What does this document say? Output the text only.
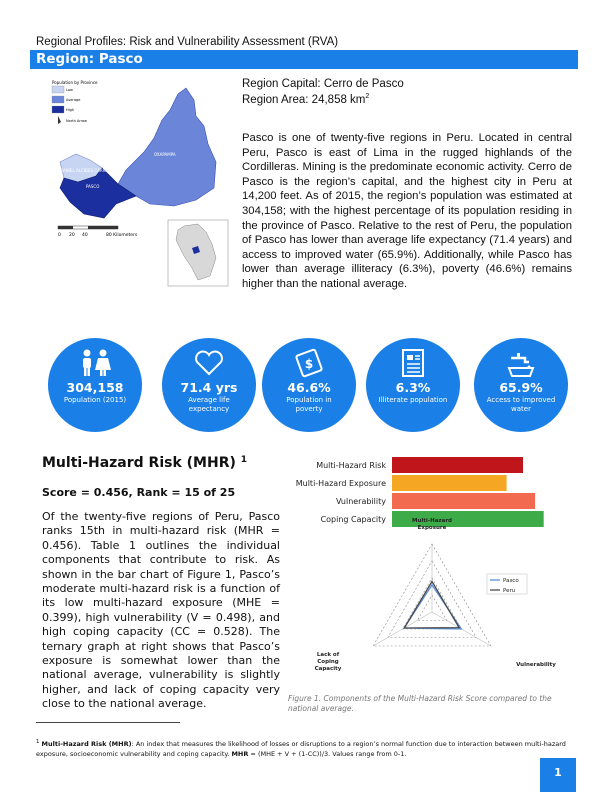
Regional Profiles: Risk and Vulnerability Assessment (RVA)
Region: Pasco
Population by Province
Low
Average
High
North Arrow
OXAPAMPA
DANIEL ALCIDES CARRION
PASCO
0 20 40	80 Kilometers
Region Capital: Cerro de Pasco
Region Area: 24,858 $km^2$
Pasco is one of twenty-five regions in Peru. Located in central Peru, Pasco is east of Lima in the rugged highlands of the Cordilleras. Mining is the predominate economic activity. Cerro de Pasco is the region’s capital, and the highest city in Peru at 14,200 feet. As of 2015, the region’s population was estimated at 304,158; with the highest percentage of its population residing in the province of Pasco. Relative to the rest of Peru, the population of Pasco has lower than average life expectancy (71.4 years) and access to improved water (65.9%). Additionally, while Pasco has lower than average illiteracy (6.3%), poverty (46.6%) remains higher than the national average.
304,158
Population (2015)
71.4 yrs
Average life expectancy
$
46.6%
Population in poverty
6.3%
Illiterate population
65.9%
Access to improved water
Multi-Hazard Risk (MHR) $^1$
Score = 0.456, Rank = 15 of 25
Of the twenty-five regions of Peru, Pasco ranks 15th in multi-hazard risk (MHR = 0.456). Table 1 outlines the individual components that contribute to risk. As shown in the bar chart of Figure 1, Pasco’s moderate multi-hazard risk is a function of its low multi-hazard exposure (MHE = 0.399), high vulnerability (V = 0.498), and high coping capacity (CC = 0.528). The ternary graph at right shows that Pasco’s exposure is somewhat lower than the national average, vulnerability is slightly higher, and lack of coping capacity very close to the national average.
Multi-Hazard Risk
Multi-Hazard Exposure
Vulnerability
Coping Capacity	Multi-Hazard
Exposure
Vulnerability
Lack of
Coping
Capacity
Pasco
Peru
Figure 1. Components of the Multi-Hazard Risk Score compared to the national average.
$^1$ Multi-Hazard Risk (MHR): An index that measures the likelihood of losses or disruptions to a region’s normal function due to interaction between multi-hazard exposure, socioeconomic vulnerability and coping capacity. MHR = (MHE + V + (1-CC))/3. Values range from 0-1.
1
